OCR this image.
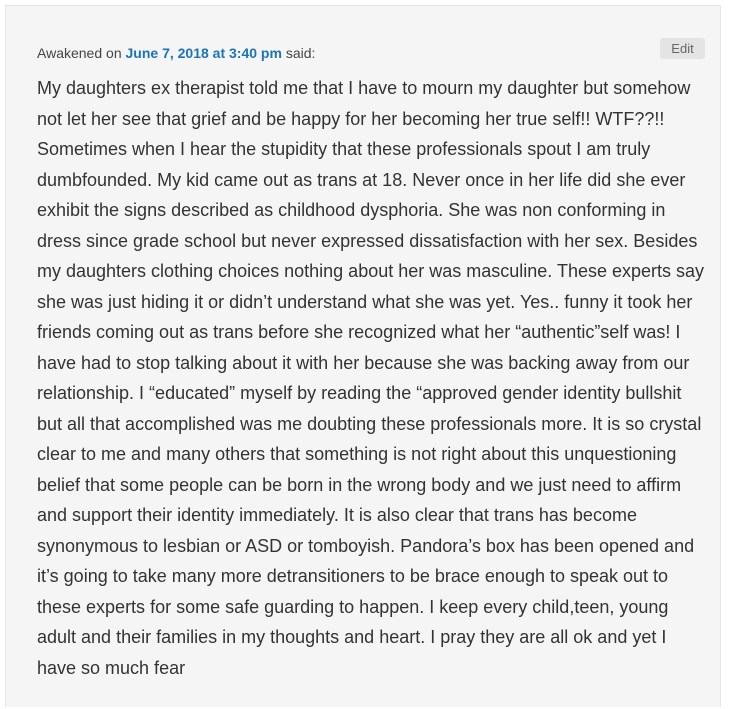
Awakened on June 7, 2018 at 3:40 pm said:	Edit

My daughters ex therapist told me that I have to mourn my daughter but somehow not let her see that grief and be happy for her becoming her true self!! WTF??!! Sometimes when I hear the stupidity that these professionals spout I am truly dumbfounded. My kid came out as trans at 18. Never once in her life did she ever exhibit the signs described as childhood dysphoria. She was non conforming in dress since grade school but never expressed dissatisfaction with her sex. Besides my daughters clothing choices nothing about her was masculine. These experts say she was just hiding it or didn’t understand what she was yet. Yes.. funny it took her friends coming out as trans before she recognized what her “authentic”self was! I have had to stop talking about it with her because she was backing away from our relationship. I “educated” myself by reading the “approved gender identity bullshit but all that accomplished was me doubting these professionals more. It is so crystal clear to me and many others that something is not right about this unquestioning belief that some people can be born in the wrong body and we just need to affirm and support their identity immediately. It is also clear that trans has become synonymous to lesbian or ASD or tomboyish. Pandora’s box has been opened and it’s going to take many more detransitioners to be brace enough to speak out to these experts for some safe guarding to happen. I keep every child,teen, young adult and their families in my thoughts and heart. I pray they are all ok and yet I have so much fear
